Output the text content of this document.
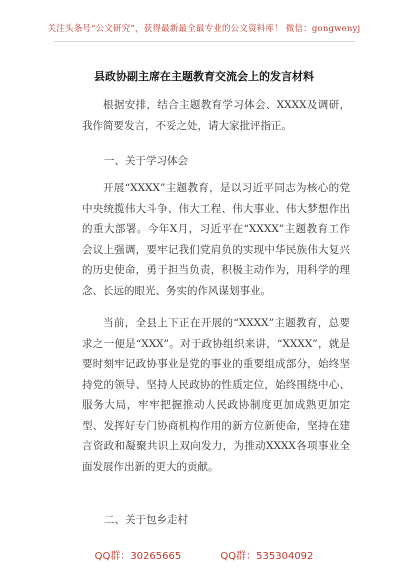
关注头条号“公文研究”，获得最新最全最专业的公文资料库！ 微信：gongwenyj
县政协副主席在主题教育交流会上的发言材料

根据安排，结合主题教育学习体会、XXXX及调研，我作简要发言，不妥之处，请大家批评指正。

一、关于学习体会

开展“XXXX”主题教育，是以习近平同志为核心的党中央统揽伟大斗争、伟大工程、伟大事业、伟大梦想作出的重大部署。今年X月，习近平在“XXXX”主题教育工作会议上强调，要牢记我们党肩负的实现中华民族伟大复兴的历史使命，勇于担当负责，积极主动作为，用科学的理念、长远的眼光、务实的作风谋划事业。

当前，全县上下正在开展的“XXXX”主题教育，总要求之一便是“XXX”。对于政协组织来讲，“XXXX”，就是要时刻牢记政协事业是党的事业的重要组成部分，始终坚持党的领导、坚持人民政协的性质定位，始终围绕中心、服务大局，牢牢把握推动人民政协制度更加成熟更加定型、发挥好专门协商机构作用的新方位新使命，坚持在建言资政和凝聚共识上双向发力，为推动XXXX各项事业全面发展作出新的更大的贡献。

二、关于包乡走村
QQ群：30265665	QQ群：535304092
